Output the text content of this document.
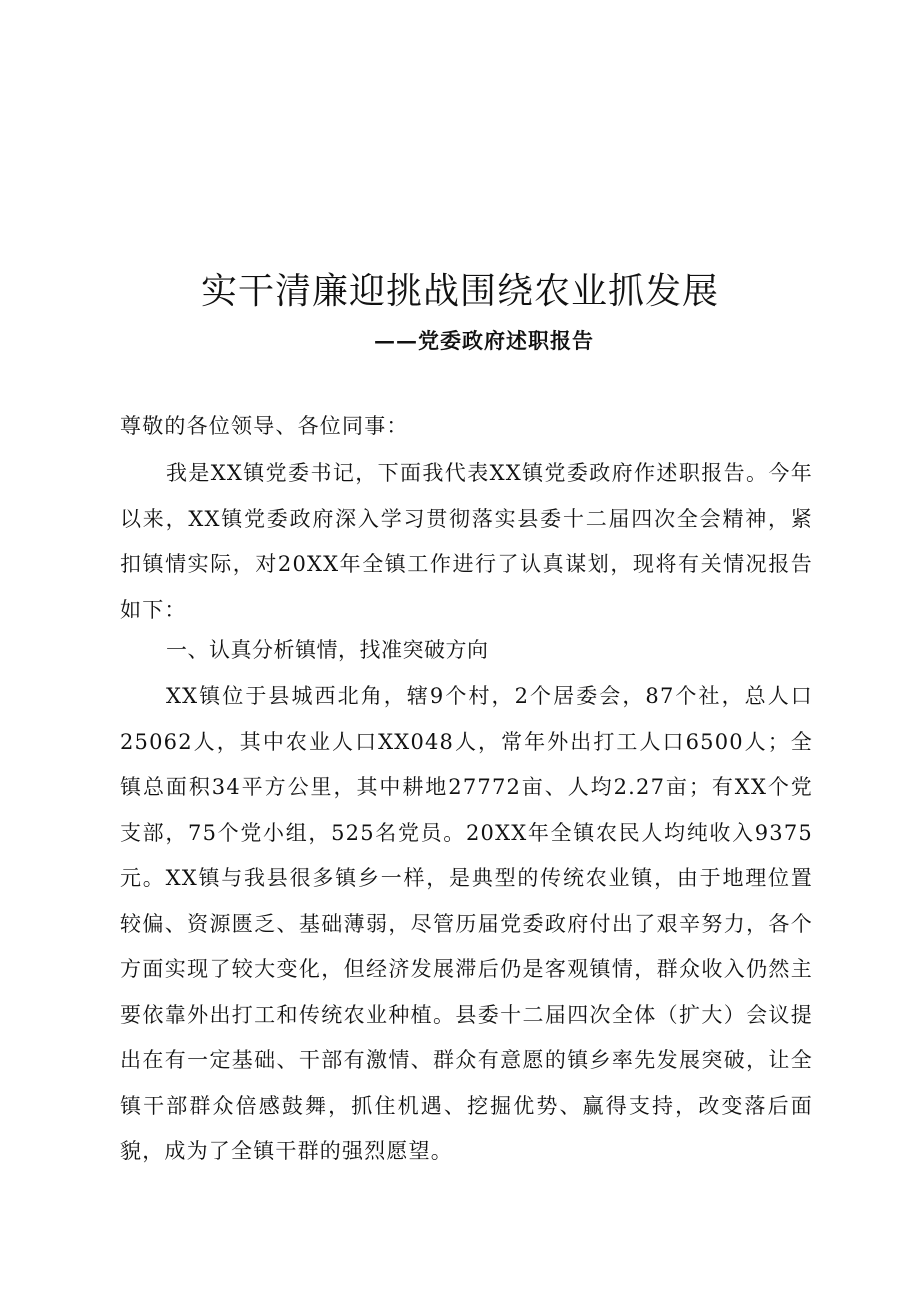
实干清廉迎挑战围绕农业抓发展
——党委政府述职报告
尊敬的各位领导、各位同事：
我是XX镇党委书记，下面我代表XX镇党委政府作述职报告。今年以来，XX镇党委政府深入学习贯彻落实县委十二届四次全会精神，紧扣镇情实际，对20XX年全镇工作进行了认真谋划，现将有关情况报告如下：
一、认真分析镇情，找准突破方向
XX镇位于县城西北角，辖9个村，2个居委会，87个社，总人口25062人，其中农业人口XX048人，常年外出打工人口6500人；全镇总面积34平方公里，其中耕地27772亩、人均2.27亩；有XX个党支部，75个党小组，525名党员。20XX年全镇农民人均纯收入9375元。XX镇与我县很多镇乡一样，是典型的传统农业镇，由于地理位置较偏、资源匮乏、基础薄弱，尽管历届党委政府付出了艰辛努力，各个方面实现了较大变化，但经济发展滞后仍是客观镇情，群众收入仍然主要依靠外出打工和传统农业种植。县委十二届四次全体（扩大）会议提出在有一定基础、干部有激情、群众有意愿的镇乡率先发展突破，让全镇干部群众倍感鼓舞，抓住机遇、挖掘优势、赢得支持，改变落后面貌，成为了全镇干群的强烈愿望。
